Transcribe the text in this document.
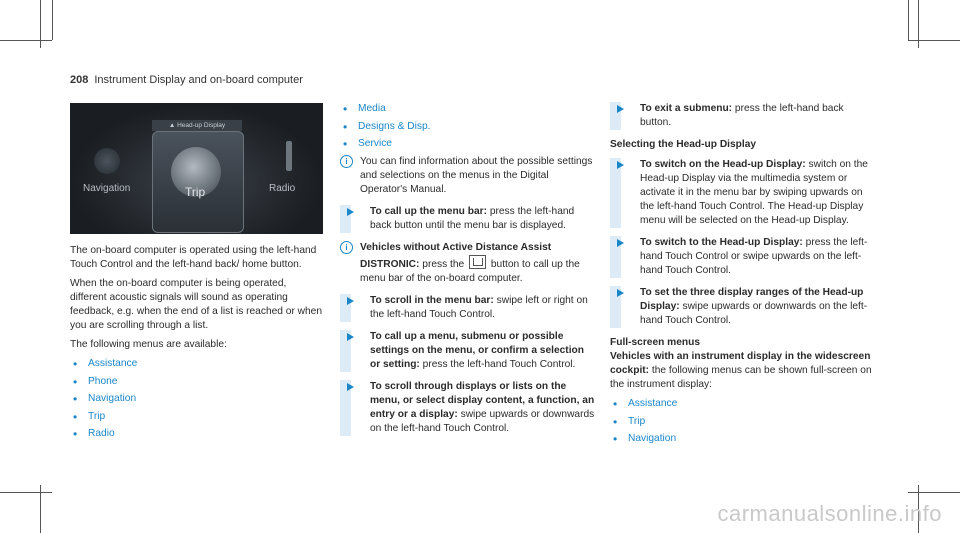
208 Instrument Display and on-board computer
▲ Head-up Display
Navigation	Trip	Radio

The on-board computer is operated using the left-hand Touch Control and the left-hand back/ home button.

When the on-board computer is being operated, different acoustic signals will sound as operating feedback, e.g. when the end of a list is reached or when you are scrolling through a list.

The following menus are available:

• Assistance
• Phone
• Navigation
• Trip
• Radio
• Media
• Designs & Disp.
• Service
i	You can find information about the possible settings and selections on the menus in the Digital Operator's Manual.
To call up the menu bar: press the left-hand back button until the menu bar is displayed.
i	Vehicles without Active Distance Assist DISTRONIC: press the	button to call up the menu bar of the on-board computer.
To scroll in the menu bar: swipe left or right on the left-hand Touch Control.
To call up a menu, submenu or possible settings on the menu, or confirm a selection or setting: press the left-hand Touch Control.
To scroll through displays or lists on the menu, or select display content, a function, an entry or a display: swipe upwards or downwards on the left-hand Touch Control.
To exit a submenu: press the left-hand back button.
Selecting the Head-up Display
To switch on the Head-up Display: switch on the Head-up Display via the multimedia system or activate it in the menu bar by swiping upwards on the left-hand Touch Control. The Head-up Display menu will be selected on the Head-up Display.
To switch to the Head-up Display: press the left-hand Touch Control or swipe upwards on the left-hand Touch Control.
To set the three display ranges of the Head-up Display: swipe upwards or downwards on the left-hand Touch Control.
Full-screen menus

Vehicles with an instrument display in the widescreen cockpit: the following menus can be shown full-screen on the instrument display:

• Assistance
• Trip
• Navigation
carmanualsonline.info
